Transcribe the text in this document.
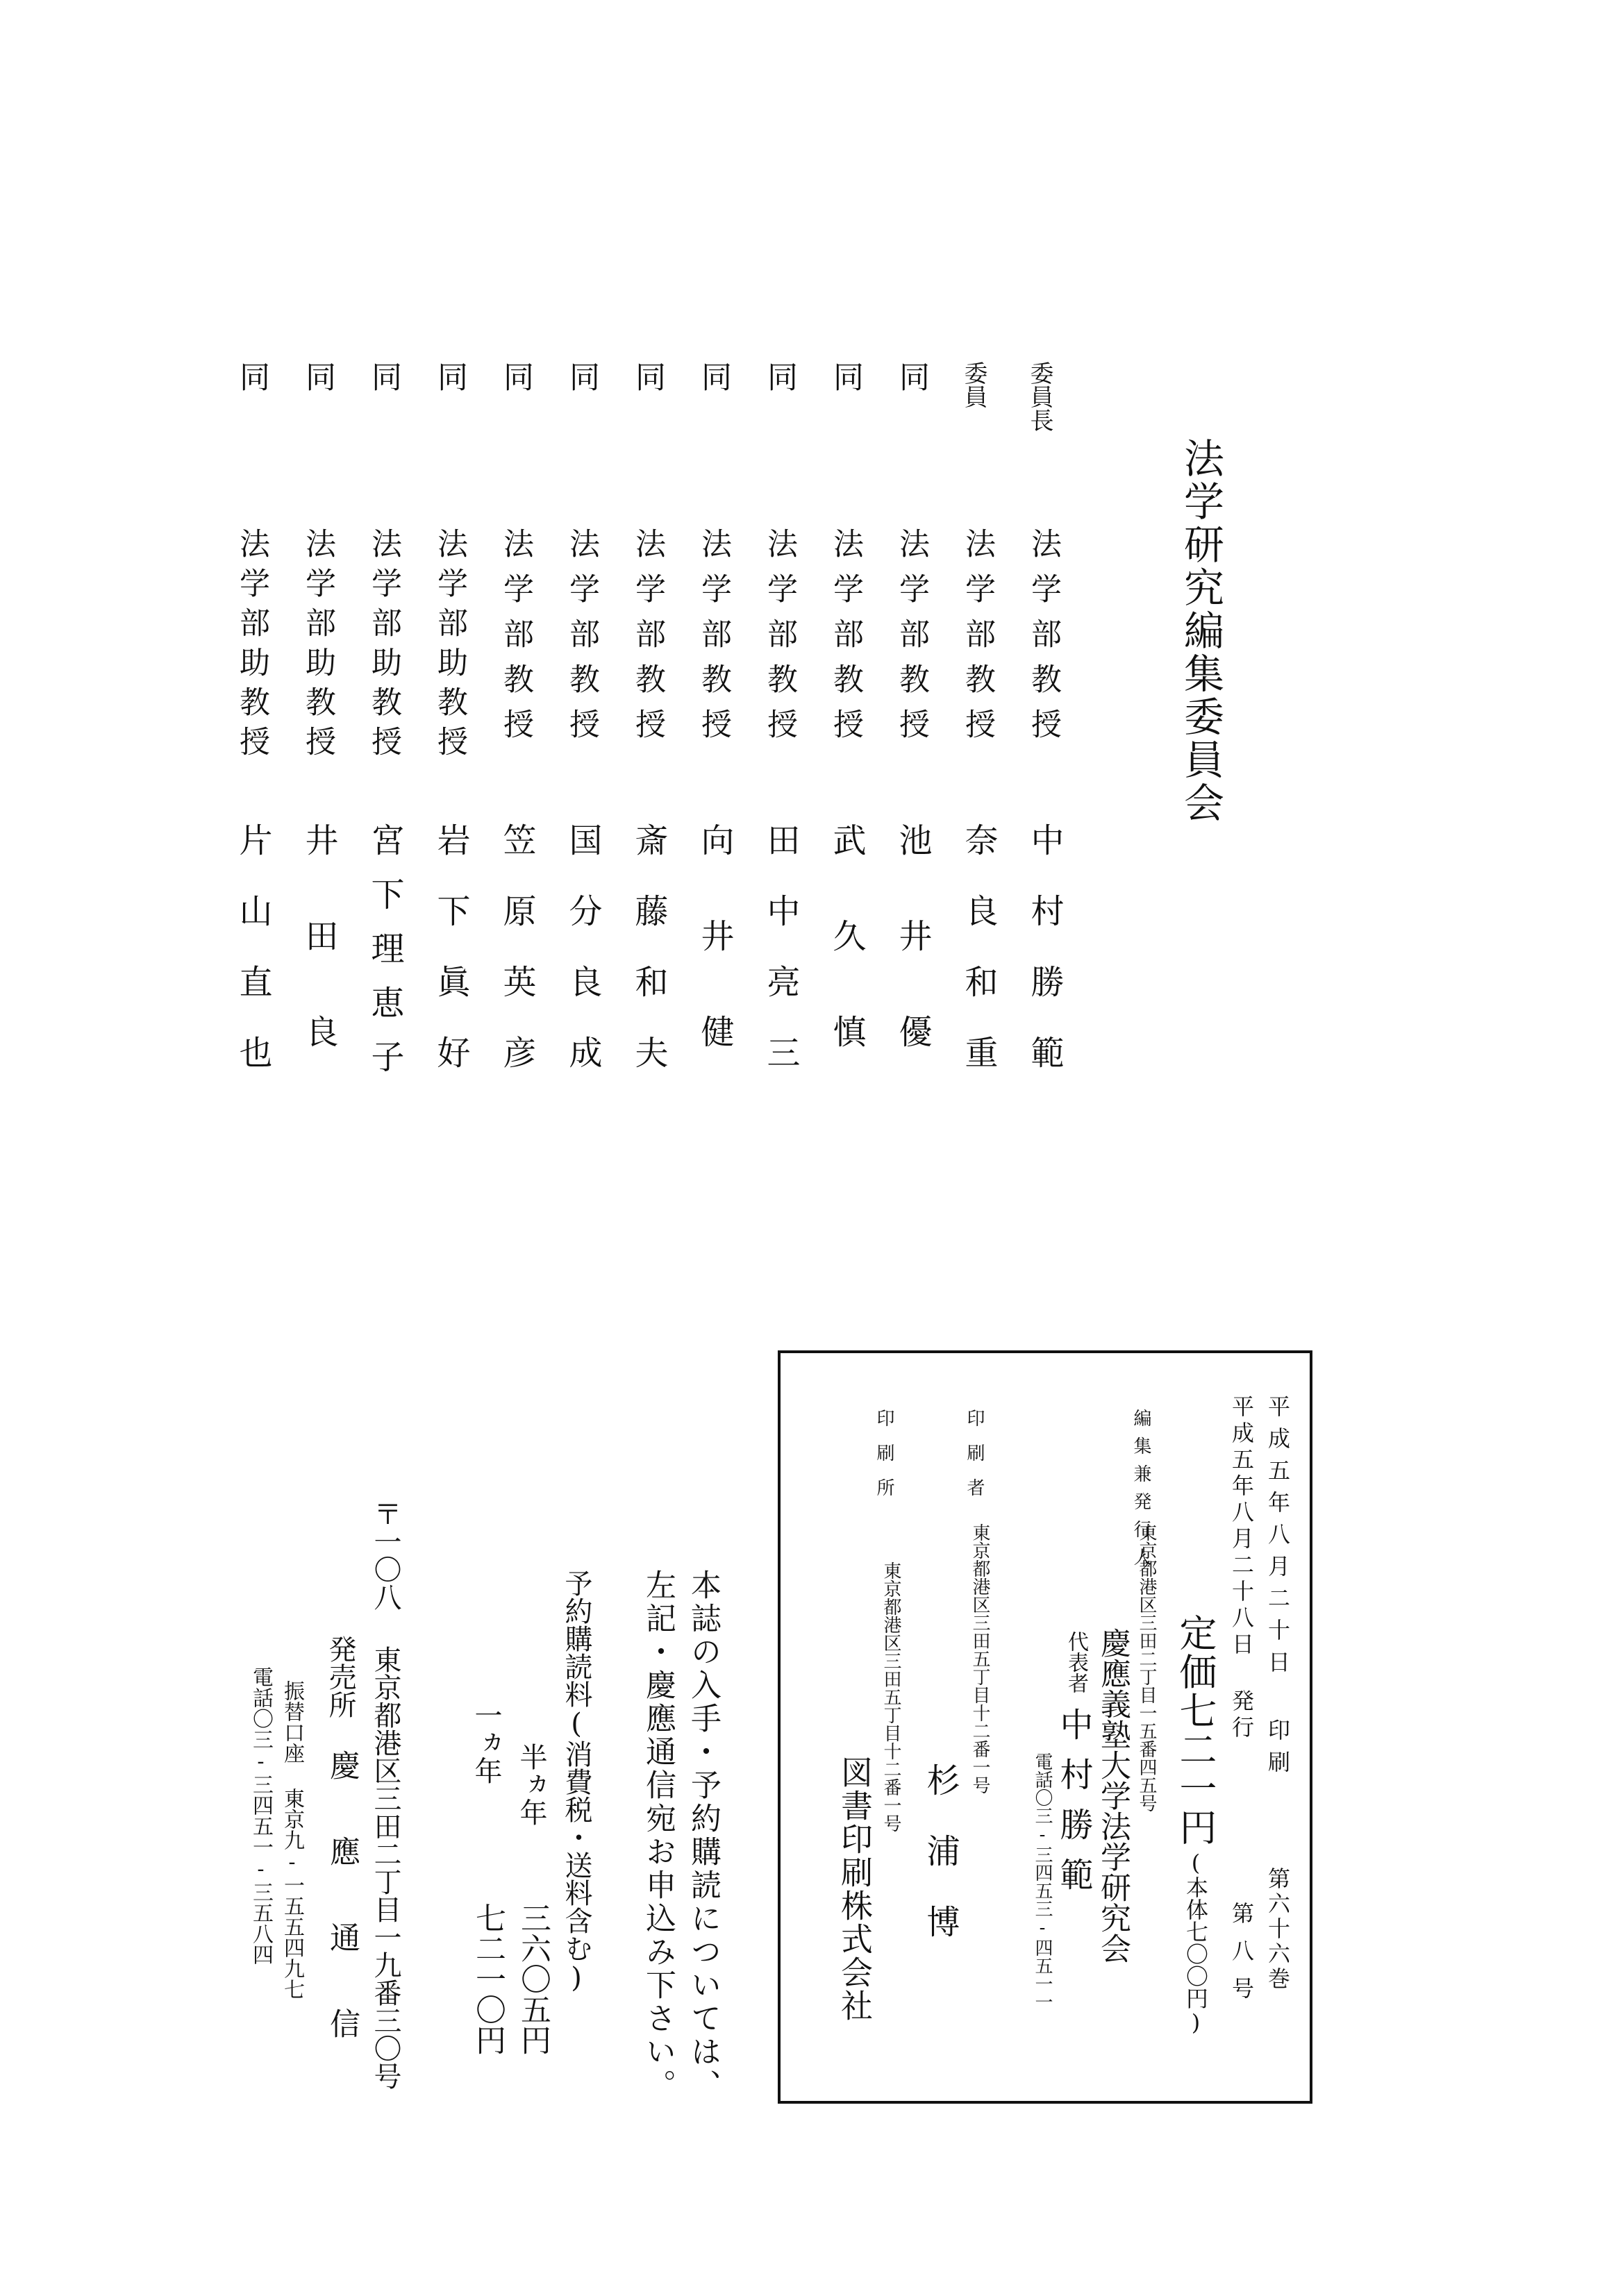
法学研究編集委員会
委員長
法学部教授
中村勝範
委員
法学部教授
奈良和重
同
法学部教授
池井優
同
法学部教授
武久慎
同
法学部教授
田中亮三
同
法学部教授
向井健
同
法学部教授
斎藤和夫
同
法学部教授
国分良成
同
法学部教授
笠原英彦
同
法学部助教授
岩下眞好
同
法学部助教授
宮下理恵子
同
法学部助教授
井田良
同
法学部助教授
片山直也
平成五年八月二十日 印刷
平成五年八月二十八日 発行
第六十六巻
第八号
定価七二一円
(本体七〇〇円)
編集兼発行人
東京都港区三田二丁目一五番四五号
慶應義塾大学法学研究会
代表者
中村勝範
電話〇三-三四五三-四五一一
印刷者
東京都港区三田五丁目十二番一号
杉浦博
印刷所
東京都港区三田五丁目十二番一号
図書印刷株式会社
本誌の入手・予約購読については、
左記・慶應通信宛お申込み下さい。
予約購読料(消費税・送料含む)
半ヵ年
三六〇五円
一ヵ年
七二一〇円
〒一〇八
東京都港区三田二丁目一九番三〇号
発売所
慶應通信
振替口座 東京九-一五五四九七
電話〇三-三四五一-三五八四
